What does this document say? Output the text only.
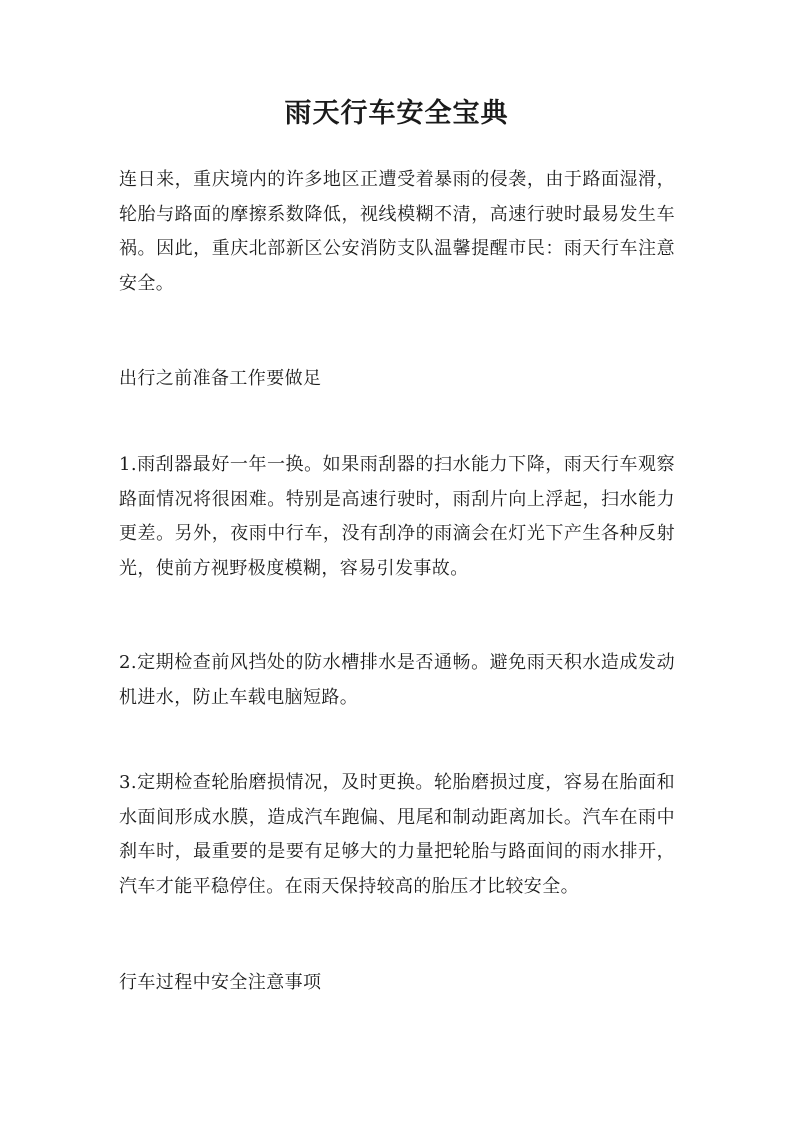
雨天行车安全宝典

连日来，重庆境内的许多地区正遭受着暴雨的侵袭，由于路面湿滑，轮胎与路面的摩擦系数降低，视线模糊不清，高速行驶时最易发生车祸。因此，重庆北部新区公安消防支队温馨提醒市民：雨天行车注意安全。

出行之前准备工作要做足

1.雨刮器最好一年一换。如果雨刮器的扫水能力下降，雨天行车观察路面情况将很困难。特别是高速行驶时，雨刮片向上浮起，扫水能力更差。另外，夜雨中行车，没有刮净的雨滴会在灯光下产生各种反射光，使前方视野极度模糊，容易引发事故。

2.定期检查前风挡处的防水槽排水是否通畅。避免雨天积水造成发动机进水，防止车载电脑短路。

3.定期检查轮胎磨损情况，及时更换。轮胎磨损过度，容易在胎面和水面间形成水膜，造成汽车跑偏、甩尾和制动距离加长。汽车在雨中刹车时，最重要的是要有足够大的力量把轮胎与路面间的雨水排开，汽车才能平稳停住。在雨天保持较高的胎压才比较安全。

行车过程中安全注意事项
